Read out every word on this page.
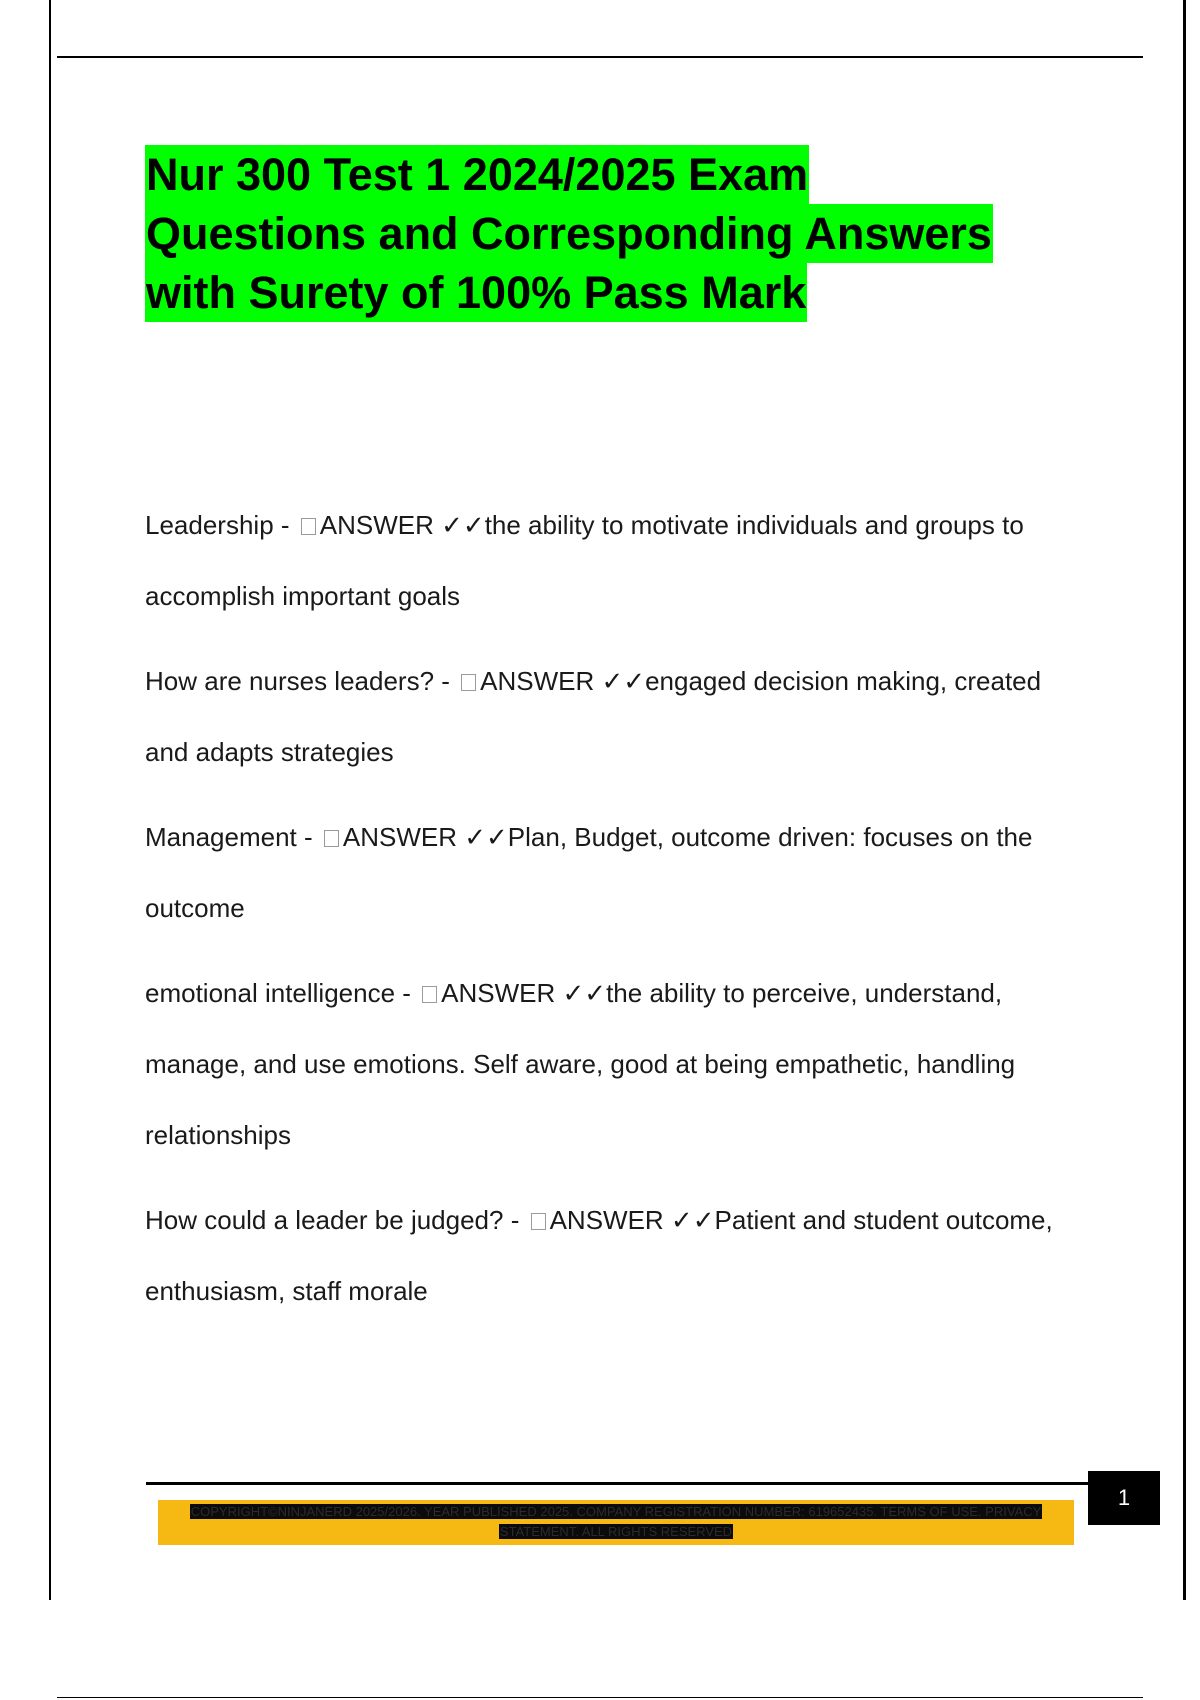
Nur 300 Test 1 2024/2025 Exam
Questions and Corresponding Answers
with Surety of 100% Pass Mark
Leadership - ANSWER ✓✓the ability to motivate individuals and groups to accomplish important goals
How are nurses leaders? - ANSWER ✓✓engaged decision making, created and adapts strategies
Management - ANSWER ✓✓Plan, Budget, outcome driven: focuses on the outcome
emotional intelligence - ANSWER ✓✓the ability to perceive, understand, manage, and use emotions. Self aware, good at being empathetic, handling relationships
How could a leader be judged? - ANSWER ✓✓Patient and student outcome, enthusiasm, staff morale
1
COPYRIGHT©NINJANERD 2025/2026. YEAR PUBLISHED 2025. COMPANY REGISTRATION NUMBER: 619652435. TERMS OF USE. PRIVACY
STATEMENT. ALL RIGHTS RESERVED
